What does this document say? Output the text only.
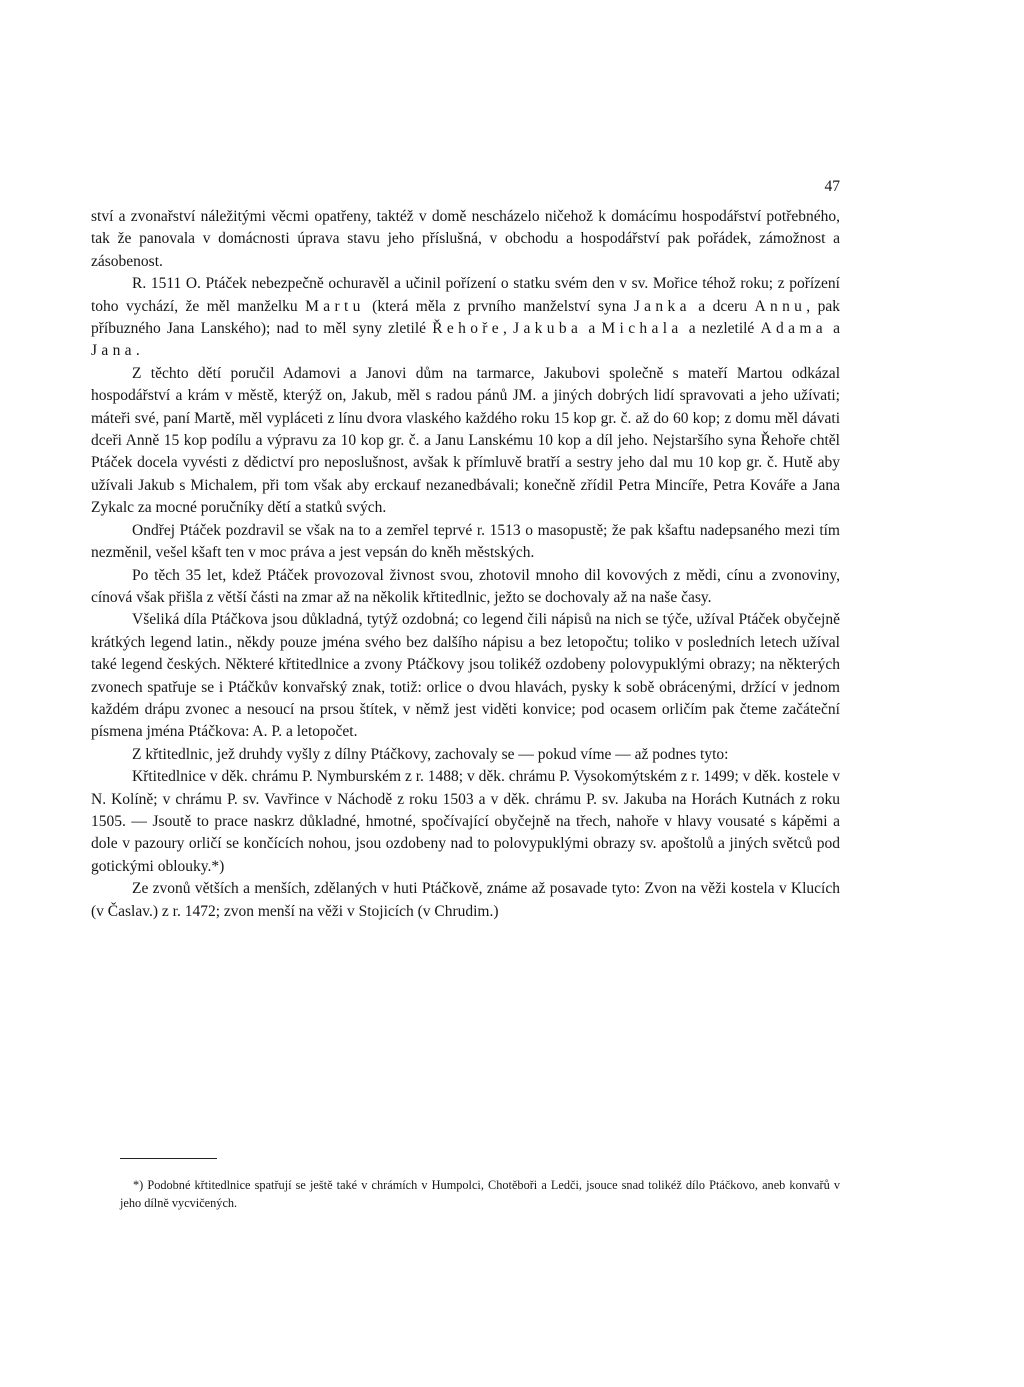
47

ství a zvonařství náležitými věcmi opatřeny, taktéž v domě nescházelo ničehož k domácímu hospodářství potřebného, tak že panovala v domácnosti úprava stavu jeho příslušná, v obchodu a hospodářství pak pořádek, zámožnost a zásobenost.

R. 1511 O. Ptáček nebezpečně ochuravěl a učinil pořízení o statku svém den v sv. Mořice téhož roku; z pořízení toho vychází, že měl manželku Martu (která měla z prvního manželství syna Janka a dceru Annu, pak příbuzného Jana Lanského); nad to měl syny zletilé Řehoře, Jakuba a Michala a nezletilé Adama a Jana.

Z těchto dětí poručil Adamovi a Janovi dům na tarmarce, Jakubovi společně s mateří Martou odkázal hospodářství a krám v městě, kterýž on, Jakub, měl s radou pánů JM. a jiných dobrých lidí spravovati a jeho užívati; máteři své, paní Martě, měl vypláceti z línu dvora vlaského každého roku 15 kop gr. č. až do 60 kop; z domu měl dávati dceři Anně 15 kop podílu a výpravu za 10 kop gr. č. a Janu Lanskému 10 kop a díl jeho. Nejstaršího syna Řehoře chtěl Ptáček docela vyvésti z dědictví pro neposlušnost, avšak k přímluvě bratří a sestry jeho dal mu 10 kop gr. č. Hutě aby užívali Jakub s Michalem, při tom však aby erckauf nezanedbávali; konečně zřídil Petra Mincíře, Petra Kováře a Jana Zykalc za mocné poručníky dětí a statků svých.

Ondřej Ptáček pozdravil se však na to a zemřel teprvé r. 1513 o masopustě; že pak kšaftu nadepsaného mezi tím nezměnil, vešel kšaft ten v moc práva a jest vepsán do kněh městských.

Po těch 35 let, kdež Ptáček provozoval živnost svou, zhotovil mnoho dil kovových z mědi, cínu a zvonoviny, cínová však přišla z větší části na zmar až na několik křtitedlnic, ježto se dochovaly až na naše časy.

Všeliká díla Ptáčkova jsou důkladná, tytýž ozdobná; co legend čili nápisů na nich se týče, užíval Ptáček obyčejně krátkých legend latin., někdy pouze jména svého bez dalšího nápisu a bez letopočtu; toliko v posledních letech užíval také legend českých. Některé křtitedlnice a zvony Ptáčkovy jsou tolikéž ozdobeny polovypuklými obrazy; na některých zvonech spatřuje se i Ptáčkův konvařský znak, totiž: orlice o dvou hlavách, pysky k sobě obrácenými, držící v jednom každém drápu zvonec a nesoucí na prsou štítek, v němž jest viděti konvice; pod ocasem orličím pak čteme začáteční písmena jména Ptáčkova: A. P. a letopočet.

Z křtitedlnic, jež druhdy vyšly z dílny Ptáčkovy, zachovaly se — pokud víme — až podnes tyto:

Křtitedlnice v děk. chrámu P. Nymburském z r. 1488; v děk. chrámu P. Vysokomýtském z r. 1499; v děk. kostele v N. Kolíně; v chrámu P. sv. Vavřince v Náchodě z roku 1503 a v děk. chrámu P. sv. Jakuba na Horách Kutnách z roku 1505. — Jsoutě to prace naskrz důkladné, hmotné, spočívající obyčejně na třech, nahoře v hlavy vousaté s kápěmi a dole v pazoury orličí se končících nohou, jsou ozdobeny nad to polovypuklými obrazy sv. apoštolů a jiných světců pod gotickými oblouky.*)

Ze zvonů větších a menších, zdělaných v huti Ptáčkově, známe až posavade tyto: Zvon na věži kostela v Klucích (v Časlav.) z r. 1472; zvon menší na věži v Stojicích (v Chrudim.)

*) Podobné křtitedlnice spatřují se ještě také v chrámích v Humpolci, Chotěboři a Ledči, jsouce snad tolikéž dílo Ptáčkovo, aneb konvařů v jeho dílně vycvičených.
